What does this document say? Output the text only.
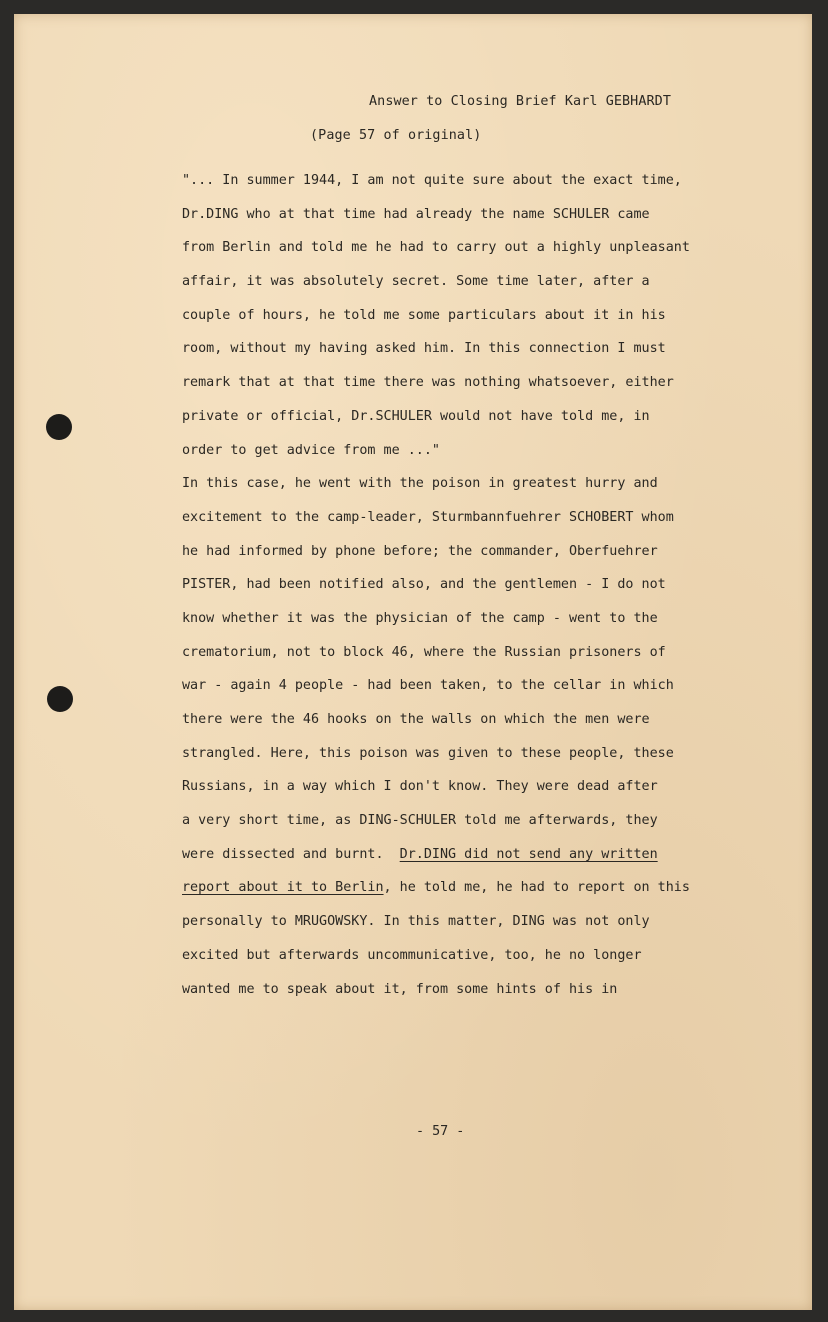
Answer to Closing Brief Karl GEBHARDT
(Page 57 of original)
"... In summer 1944, I am not quite sure about the exact time,
Dr.DING who at that time had already the name SCHULER came
from Berlin and told me he had to carry out a highly unpleasant
affair, it was absolutely secret. Some time later, after a
couple of hours, he told me some particulars about it in his
room, without my having asked him. In this connection I must
remark that at that time there was nothing whatsoever, either
private or official, Dr.SCHULER would not have told me, in
order to get advice from me ..."
In this case, he went with the poison in greatest hurry and
excitement to the camp-leader, Sturmbannfuehrer SCHOBERT whom
he had informed by phone before; the commander, Oberfuehrer
PISTER, had been notified also, and the gentlemen - I do not
know whether it was the physician of the camp - went to the
crematorium, not to block 46, where the Russian prisoners of
war - again 4 people - had been taken, to the cellar in which
there were the 46 hooks on the walls on which the men were
strangled. Here, this poison was given to these people, these
Russians, in a way which I don't know. They were dead after
a very short time, as DING-SCHULER told me afterwards, they
were dissected and burnt.  Dr.DING did not send any written
report about it to Berlin, he told me, he had to report on this
personally to MRUGOWSKY. In this matter, DING was not only
excited but afterwards uncommunicative, too, he no longer
wanted me to speak about it, from some hints of his in
- 57 -
